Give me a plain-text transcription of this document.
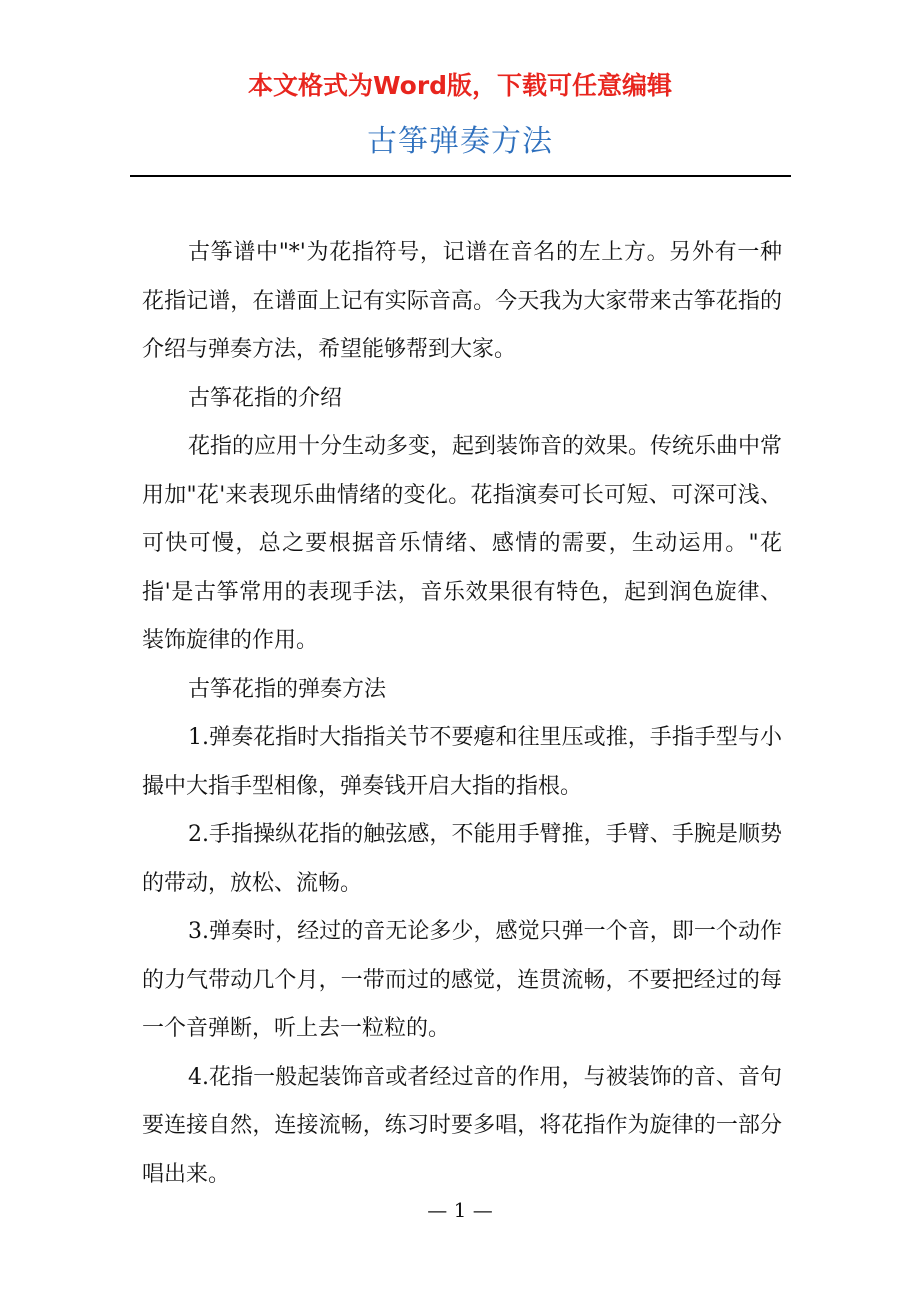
本文格式为Word版，下载可任意编辑
古筝弹奏方法

古筝谱中"*'为花指符号，记谱在音名的左上方。另外有一种花指记谱，在谱面上记有实际音高。今天我为大家带来古筝花指的介绍与弹奏方法，希望能够帮到大家。

古筝花指的介绍

花指的应用十分生动多变，起到装饰音的效果。传统乐曲中常用加"花'来表现乐曲情绪的变化。花指演奏可长可短、可深可浅、可快可慢，总之要根据音乐情绪、感情的需要，生动运用。"花指'是古筝常用的表现手法，音乐效果很有特色，起到润色旋律、装饰旋律的作用。

古筝花指的弹奏方法

1.弹奏花指时大指指关节不要瘪和往里压或推，手指手型与小撮中大指手型相像，弹奏钱开启大指的指根。

2.手指操纵花指的触弦感，不能用手臂推，手臂、手腕是顺势的带动，放松、流畅。

3.弹奏时，经过的音无论多少，感觉只弹一个音，即一个动作的力气带动几个月，一带而过的感觉，连贯流畅，不要把经过的每一个音弹断，听上去一粒粒的。

4.花指一般起装饰音或者经过音的作用，与被装饰的音、音句要连接自然，连接流畅，练习时要多唱，将花指作为旋律的一部分唱出来。

— 1 —
